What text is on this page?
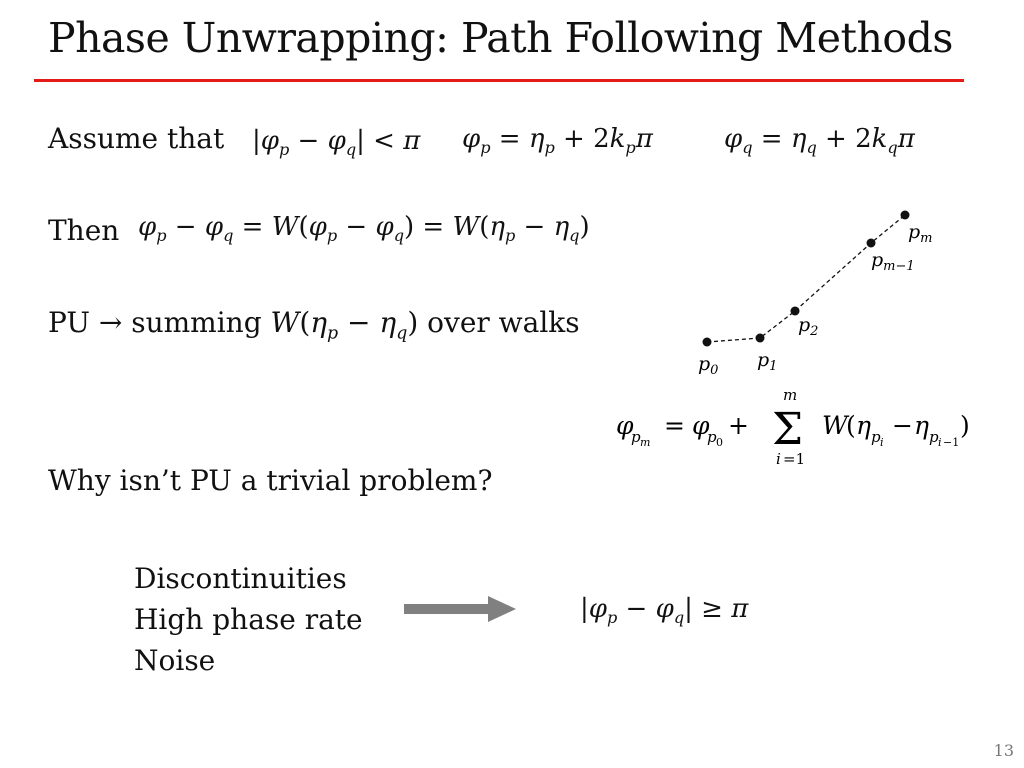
Phase Unwrapping: Path Following Methods
Assume that $|\varphi_p - \varphi_q| < \pi$ $\varphi_p = \eta_p + 2k_p\pi$	$\varphi_q = \eta_q + 2k_q\pi$
Then $\varphi_p - \varphi_q = W(\varphi_p - \varphi_q) = W(\eta_p - \eta_q)$
PU → summing $W(\eta_p - \eta_q)$ over walks
$p_0$ $p_1$
$p_2$
$p_{m-1}$
$p_m$
φ
p m
= φ
p 0
+
m
Σ
i =1
W
( η p i
− η p i −1
)
Why isn’t PU a trivial problem?
Discontinuities
High phase rate
Noise
$|\varphi_p - \varphi_q| \ge \pi$
13
